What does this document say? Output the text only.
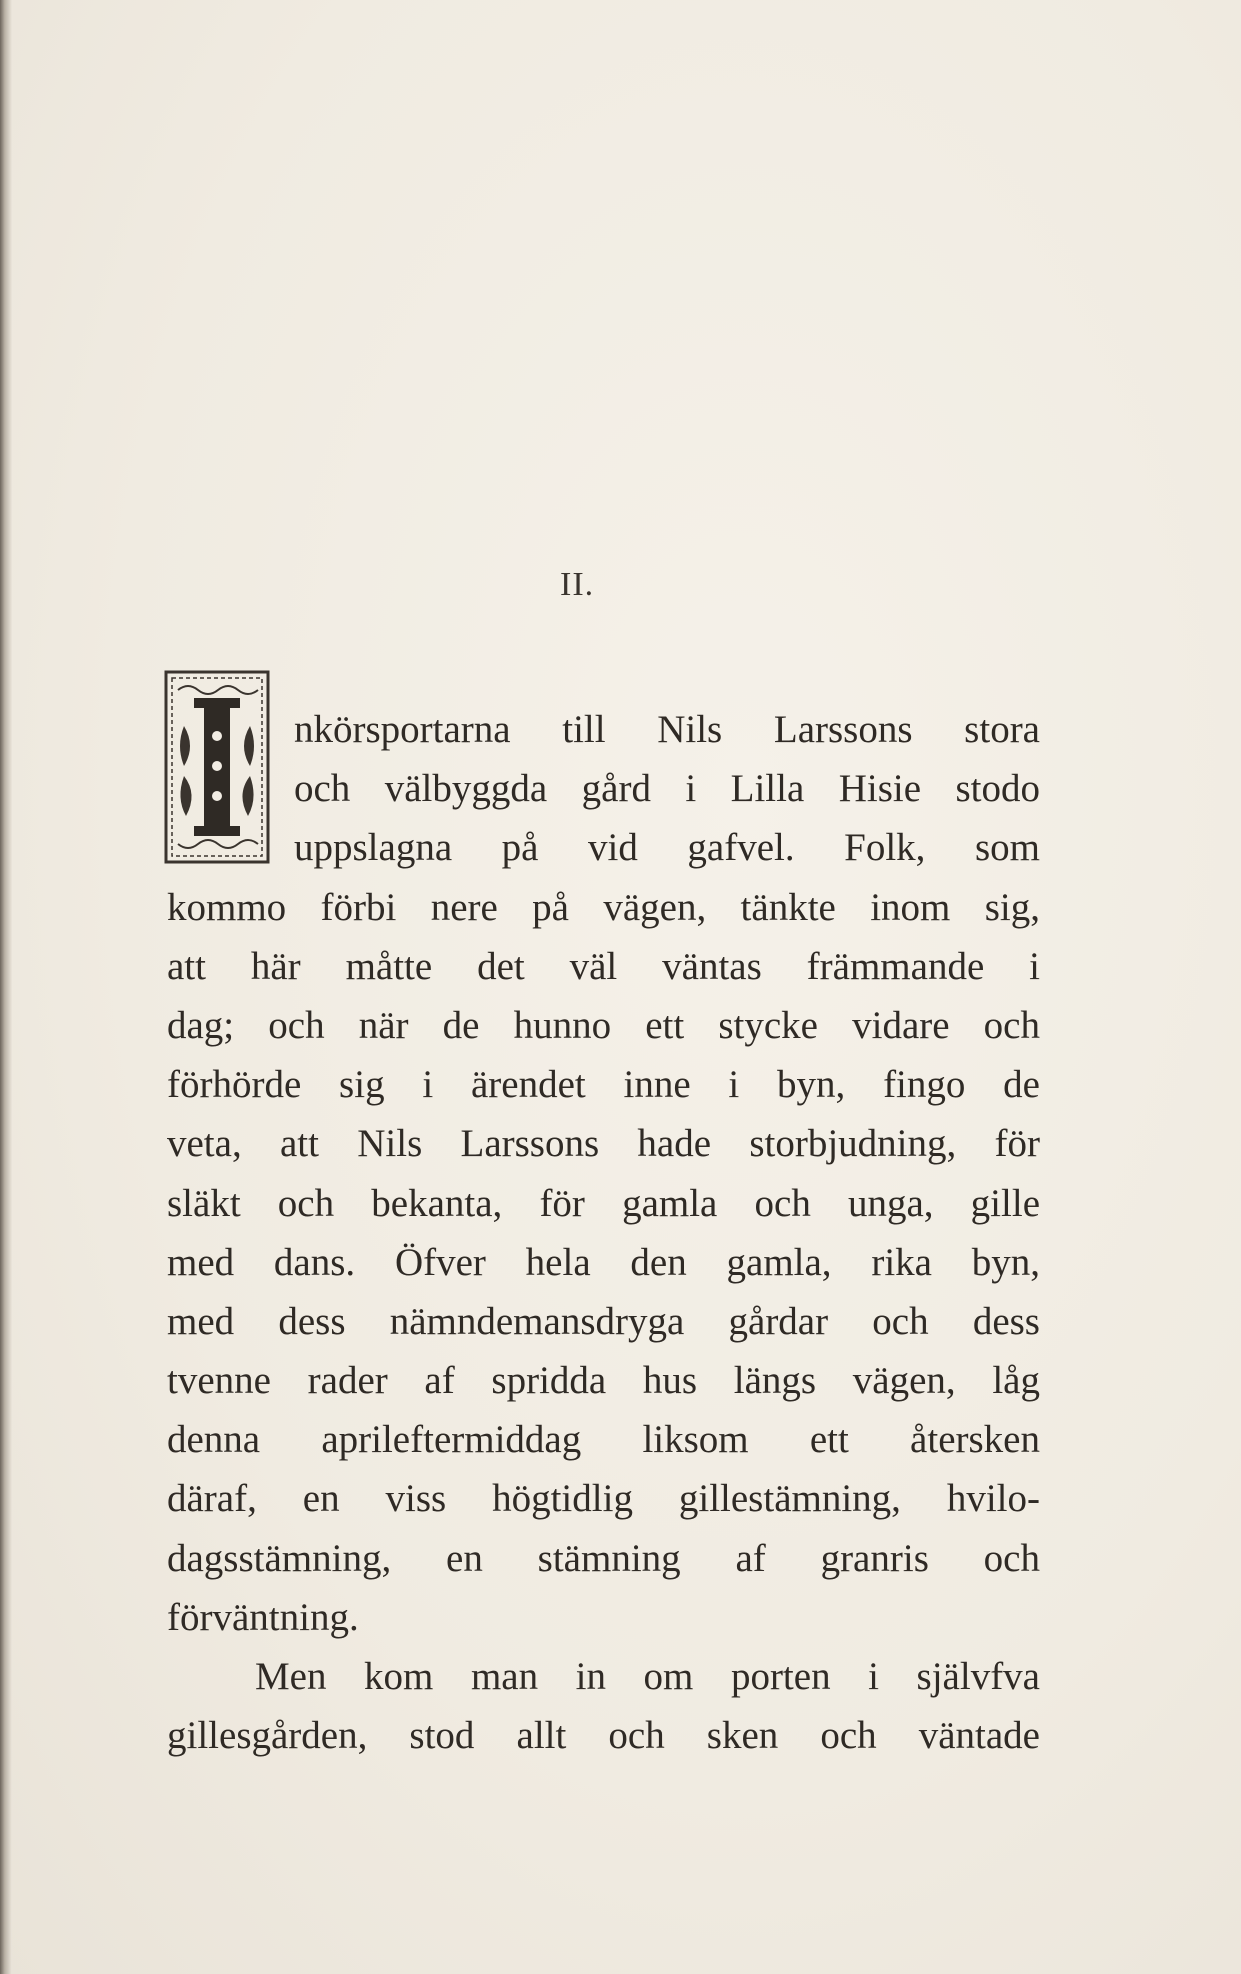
II.
nkörsportarna till Nils Larssons stora
och välbyggda gård i Lilla Hisie stodo
uppslagna på vid gafvel. Folk, som
kommo förbi nere på vägen, tänkte inom sig,
att här måtte det väl väntas främmande i
dag; och när de hunno ett stycke vidare och
förhörde sig i ärendet inne i byn, fingo de
veta, att Nils Larssons hade storbjudning, för
släkt och bekanta, för gamla och unga, gille
med dans. Öfver hela den gamla, rika byn,
med dess nämndemansdryga gårdar och dess
tvenne rader af spridda hus längs vägen, låg
denna aprileftermiddag liksom ett återsken
däraf, en viss högtidlig gillestämning, hvilo-
dagsstämning, en stämning af granris och
förväntning.
Men kom man in om porten i självfva
gillesgården, stod allt och sken och väntade
